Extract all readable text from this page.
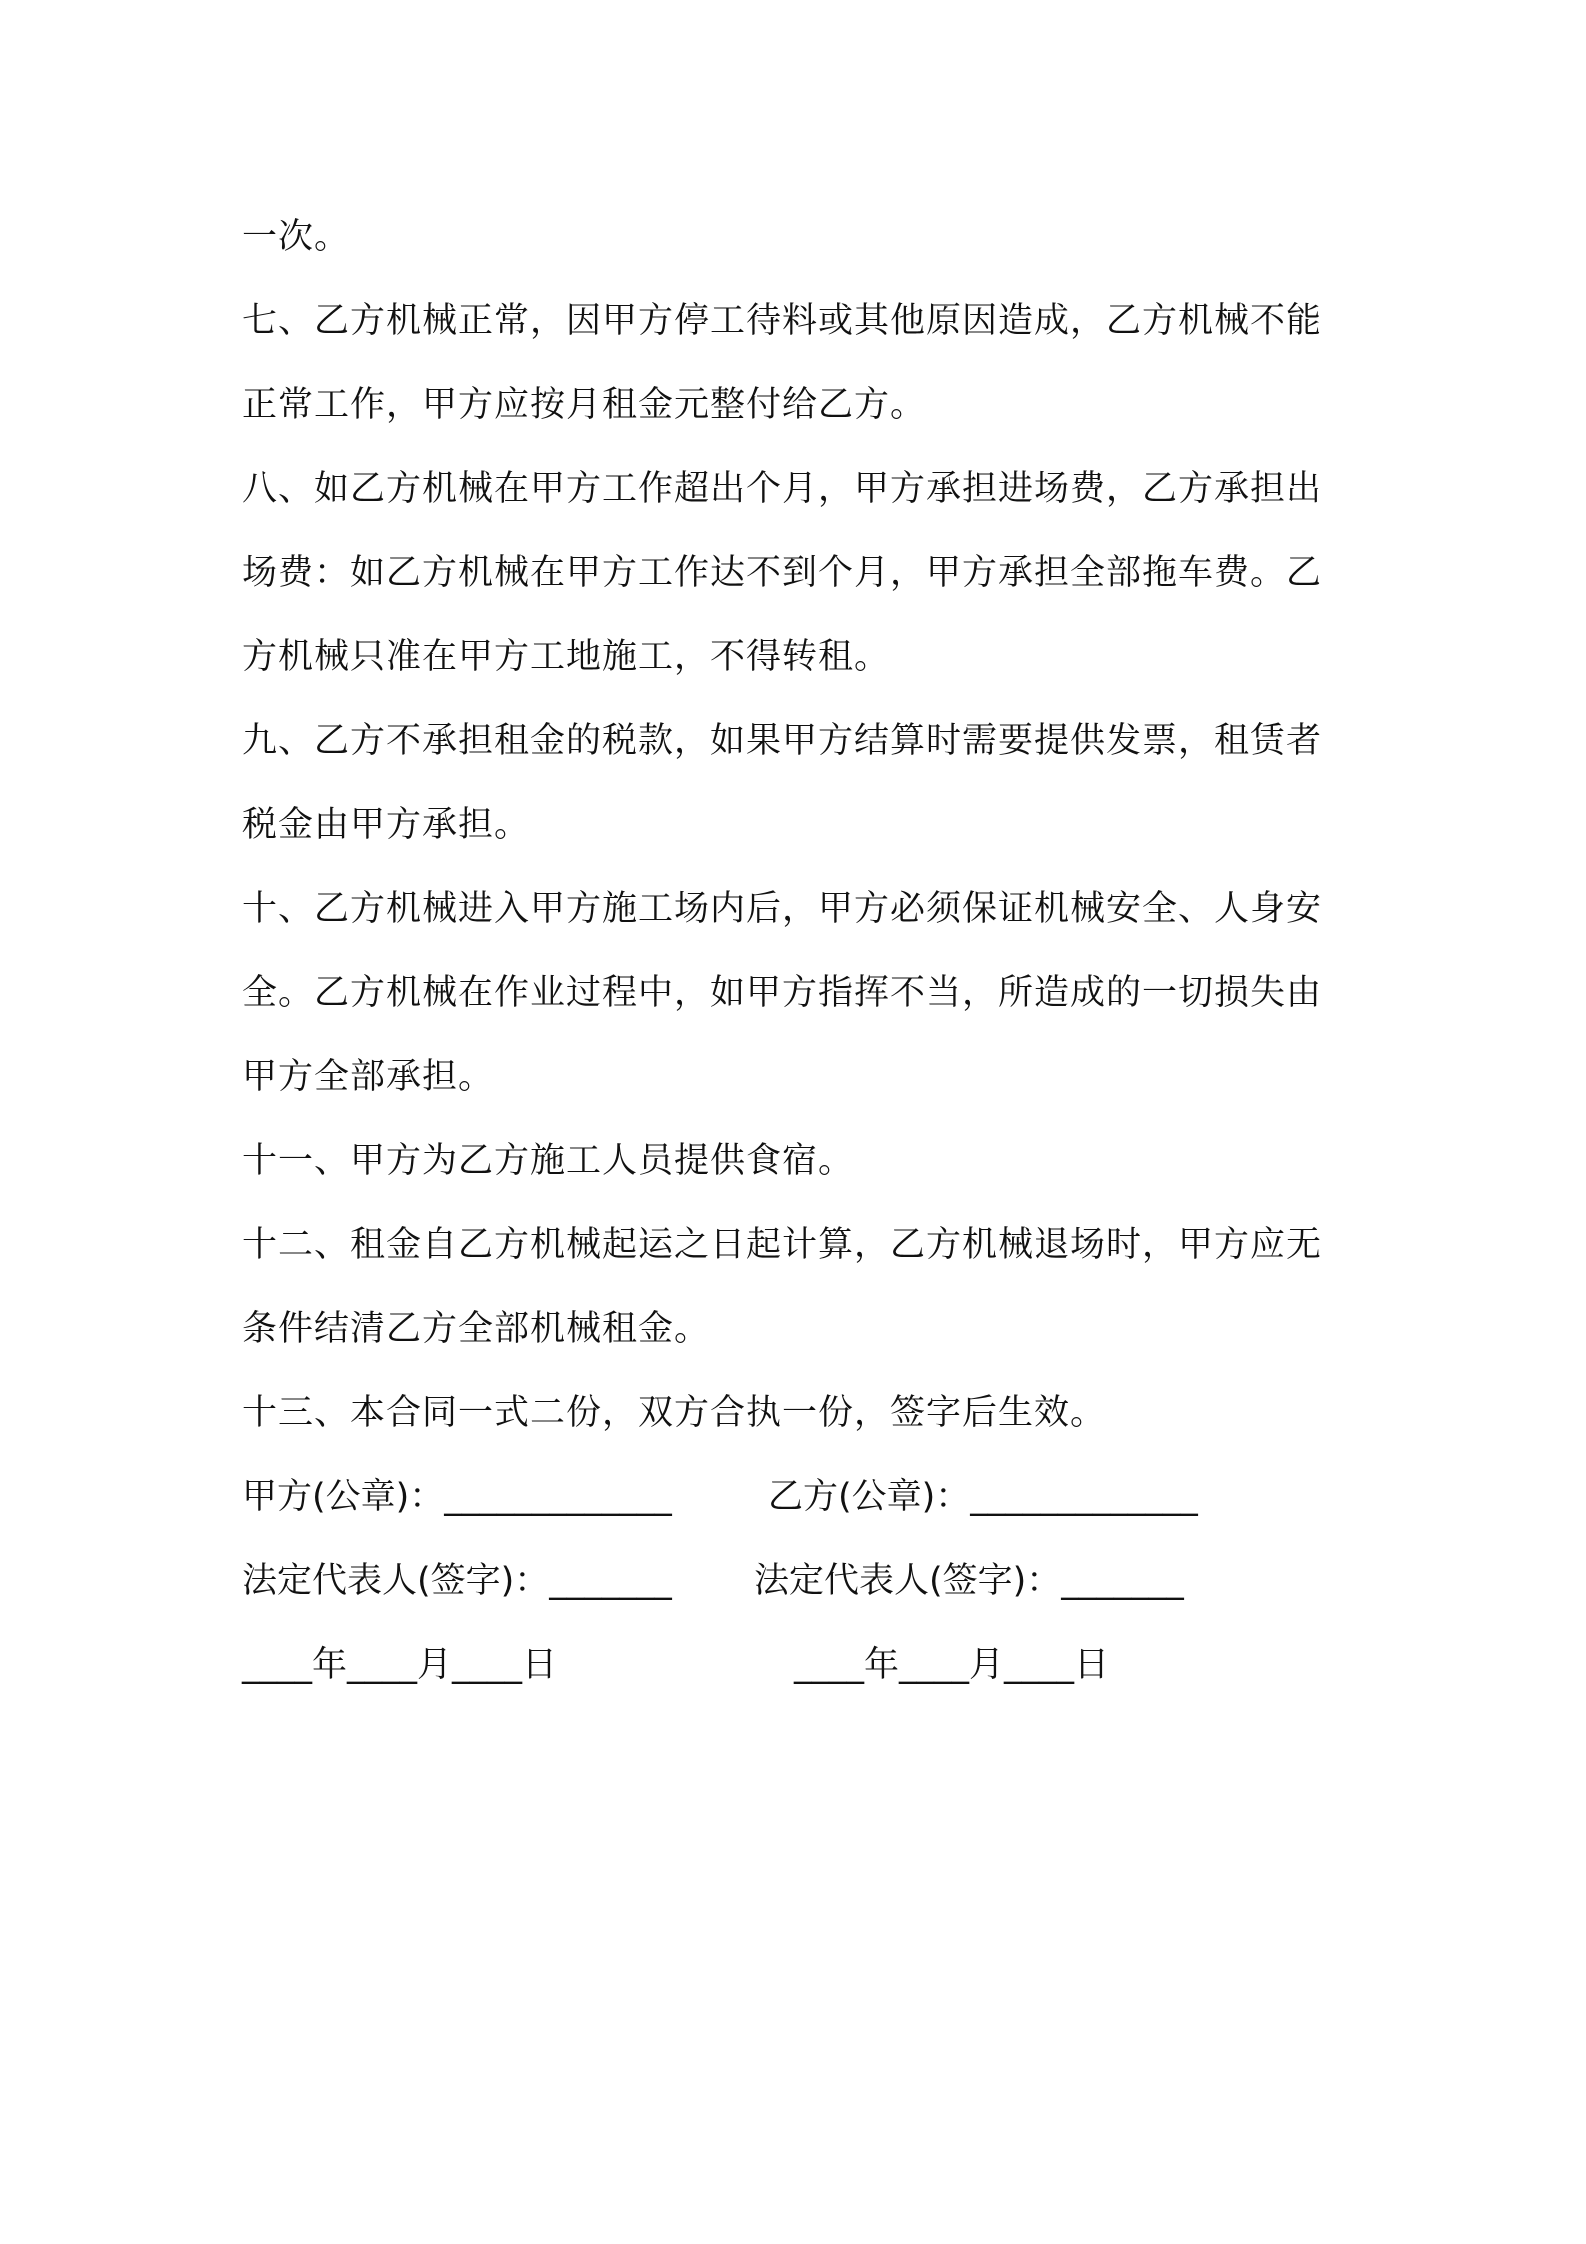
一次。
七、乙方机械正常，因甲方停工待料或其他原因造成，乙方机械不能
正常工作，甲方应按月租金元整付给乙方。
八、如乙方机械在甲方工作超出个月，甲方承担进场费，乙方承担出
场费：如乙方机械在甲方工作达不到个月，甲方承担全部拖车费。乙
方机械只准在甲方工地施工，不得转租。
九、乙方不承担租金的税款，如果甲方结算时需要提供发票，租赁者
税金由甲方承担。
十、乙方机械进入甲方施工场内后，甲方必须保证机械安全、人身安
全。乙方机械在作业过程中，如甲方指挥不当，所造成的一切损失由
甲方全部承担。
十一、甲方为乙方施工人员提供食宿。
十二、租金自乙方机械起运之日起计算，乙方机械退场时，甲方应无
条件结清乙方全部机械租金。
十三、本合同一式二份，双方合执一份，签字后生效。
甲方(公章)：_____________	乙方(公章)：_____________
法定代表人(签字)：_______ 法定代表人(签字)：_______
____年____月____日	____年____月____日
